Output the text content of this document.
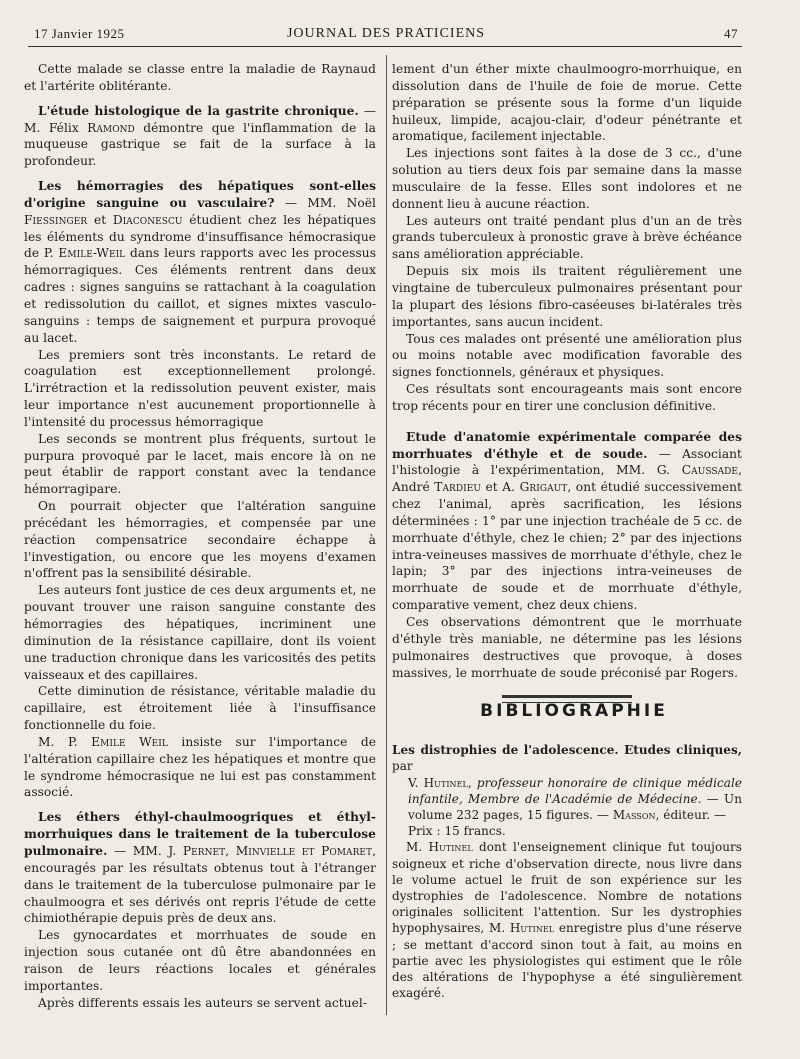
17 Janvier 1925	JOURNAL DES PRATICIENS	47

Cette malade se classe entre la maladie de Raynaud et l'artérite oblitérante.

L'étude histologique de la gastrite chronique. — M. Félix Ramond démontre que l'inflammation de la muqueuse gastrique se fait de la surface à la profondeur.

Les hémorragies des hépatiques sont-elles d'origine sanguine ou vasculaire? — MM. Noël Fiessinger et Diaconescu étudient chez les hépatiques les éléments du syndrome d'insuffisance hémocrasique de P. Emile-Weil dans leurs rapports avec les processus hémorragiques. Ces éléments rentrent dans deux cadres : signes sanguins se rattachant à la coagulation et redissolution du caillot, et signes mixtes vasculo-sanguins : temps de saignement et purpura provoqué au lacet.

Les premiers sont très inconstants. Le retard de coagulation est exceptionnellement prolongé. L'irrétraction et la redissolution peuvent exister, mais leur importance n'est aucunement proportionnelle à l'intensité du processus hémorragique

Les seconds se montrent plus fréquents, surtout le purpura provoqué par le lacet, mais encore là on ne peut établir de rapport constant avec la tendance hémorragipare.

On pourrait objecter que l'altération sanguine précédant les hémorragies, et compensée par une réaction compensatrice secondaire échappe à l'investigation, ou encore que les moyens d'examen n'offrent pas la sensibilité désirable.

Les auteurs font justice de ces deux arguments et, ne pouvant trouver une raison sanguine constante des hémorragies des hépatiques, incriminent une diminution de la résistance capillaire, dont ils voient une traduction chronique dans les varicosités des petits vaisseaux et des capillaires.

Cette diminution de résistance, véritable maladie du capillaire, est étroitement liée à l'insuffisance fonctionnelle du foie.

M. P. Emile Weil insiste sur l'importance de l'altération capillaire chez les hépatiques et montre que le syndrome hémocrasique ne lui est pas constamment associé.

Les éthers éthyl-chaulmoogriques et éthyl-morrhuiques dans le traitement de la tuberculose pulmonaire. — MM. J. Pernet, Minvielle et Pomaret, encouragés par les résultats obtenus tout à l'étranger dans le traitement de la tuberculose pulmonaire par le chaulmoogra et ses dérivés ont repris l'étude de cette chimiothérapie depuis près de deux ans.

Les gynocardates et morrhuates de soude en injection sous cutanée ont dû être abandonnées en raison de leurs réactions locales et générales importantes.

Après differents essais les auteurs se servent actuel-

lement d'un éther mixte chaulmoogro-morrhuique, en dissolution dans de l'huile de foie de morue. Cette préparation se présente sous la forme d'un liquide huileux, limpide, acajou-clair, d'odeur pénétrante et aromatique, facilement injectable.

Les injections sont faites à la dose de 3 cc., d'une solution au tiers deux fois par semaine dans la masse musculaire de la fesse. Elles sont indolores et ne donnent lieu à aucune réaction.

Les auteurs ont traité pendant plus d'un an de très grands tuberculeux à pronostic grave à brève échéance sans amélioration appréciable.

Depuis six mois ils traitent régulièrement une vingtaine de tuberculeux pulmonaires présentant pour la plupart des lésions fibro-caséeuses bi-latérales très importantes, sans aucun incident.

Tous ces malades ont présenté une amélioration plus ou moins notable avec modification favorable des signes fonctionnels, généraux et physiques.

Ces résultats sont encourageants mais sont encore trop récents pour en tirer une conclusion définitive.

Etude d'anatomie expérimentale comparée des morrhuates d'éthyle et de soude. — Associant l'histologie à l'expérimentation, MM. G. Caussade, André Tardieu et A. Grigaut, ont étudié successivement chez l'animal, après sacrification, les lésions déterminées : 1° par une injection trachéale de 5 cc. de morrhuate d'éthyle, chez le chien; 2° par des injections intra-veineuses massives de morrhuate d'éthyle, chez le lapin; 3° par des injections intra-veineuses de morrhuate de soude et de morrhuate d'éthyle, comparative vement, chez deux chiens.

Ces observations démontrent que le morrhuate d'éthyle très maniable, ne détermine pas les lésions pulmonaires destructives que provoque, à doses massives, le morrhuate de soude préconisé par Rogers.

BIBLIOGRAPHIE

Les distrophies de l'adolescence. Etudes cliniques, par

V. Hutinel, professeur honoraire de clinique médicale infantile, Membre de l'Académie de Médecine. — Un volume 232 pages, 15 figures. — Masson, éditeur. —

Prix : 15 francs.

M. Hutinel dont l'enseignement clinique fut toujours soigneux et riche d'observation directe, nous livre dans le volume actuel le fruit de son expérience sur les dystrophies de l'adolescence. Nombre de notations originales sollicitent l'attention. Sur les dystrophies hypophysaires, M. Hutinel enregistre plus d'une réserve ; se mettant d'accord sinon tout à fait, au moins en partie avec les physiologistes qui estiment que le rôle des altérations de l'hypophyse a été singulièrement exagéré.
